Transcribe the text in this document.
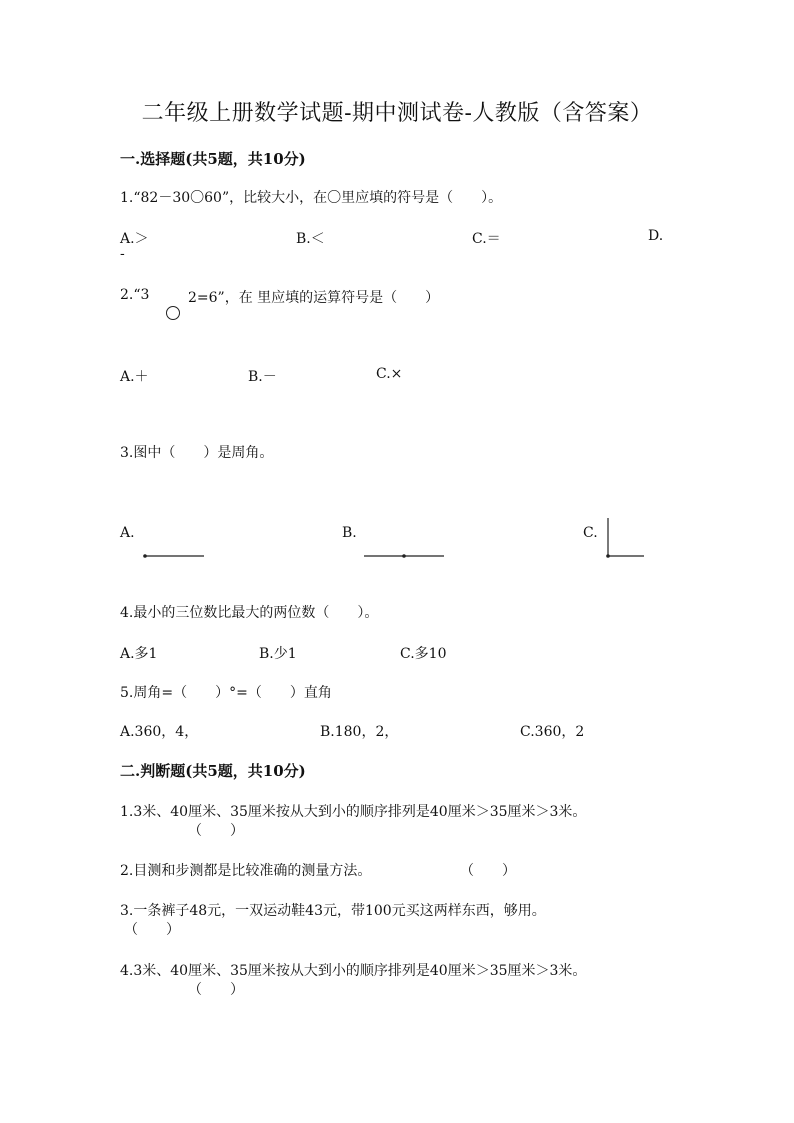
二年级上册数学试题-期中测试卷-人教版（含答案）
一.选择题(共5题，共10分)
1.“82－30〇60”，比较大小，在〇里应填的符号是（　　）。
A.＞	B.＜	C.＝	D.
-
2.“3	2=6”，在 里应填的运算符号是（　　）
A.＋	B.－	C.×
3.图中（　　）是周角。
A.	B.	C.
4.最小的三位数比最大的两位数（　　）。
A.多1	B.少1	C.多10
5.周角=（　　）°=（　　）直角
A.360，4，	B.180，2，	C.360，2
二.判断题(共5题，共10分)
1.3米、40厘米、35厘米按从大到小的顺序排列是40厘米＞35厘米＞3米。
（　　）
2.目测和步测都是比较准确的测量方法。	（　　）
3.一条裤子48元，一双运动鞋43元，带100元买这两样东西，够用。
（　　）
4.3米、40厘米、35厘米按从大到小的顺序排列是40厘米＞35厘米＞3米。
（　　）
